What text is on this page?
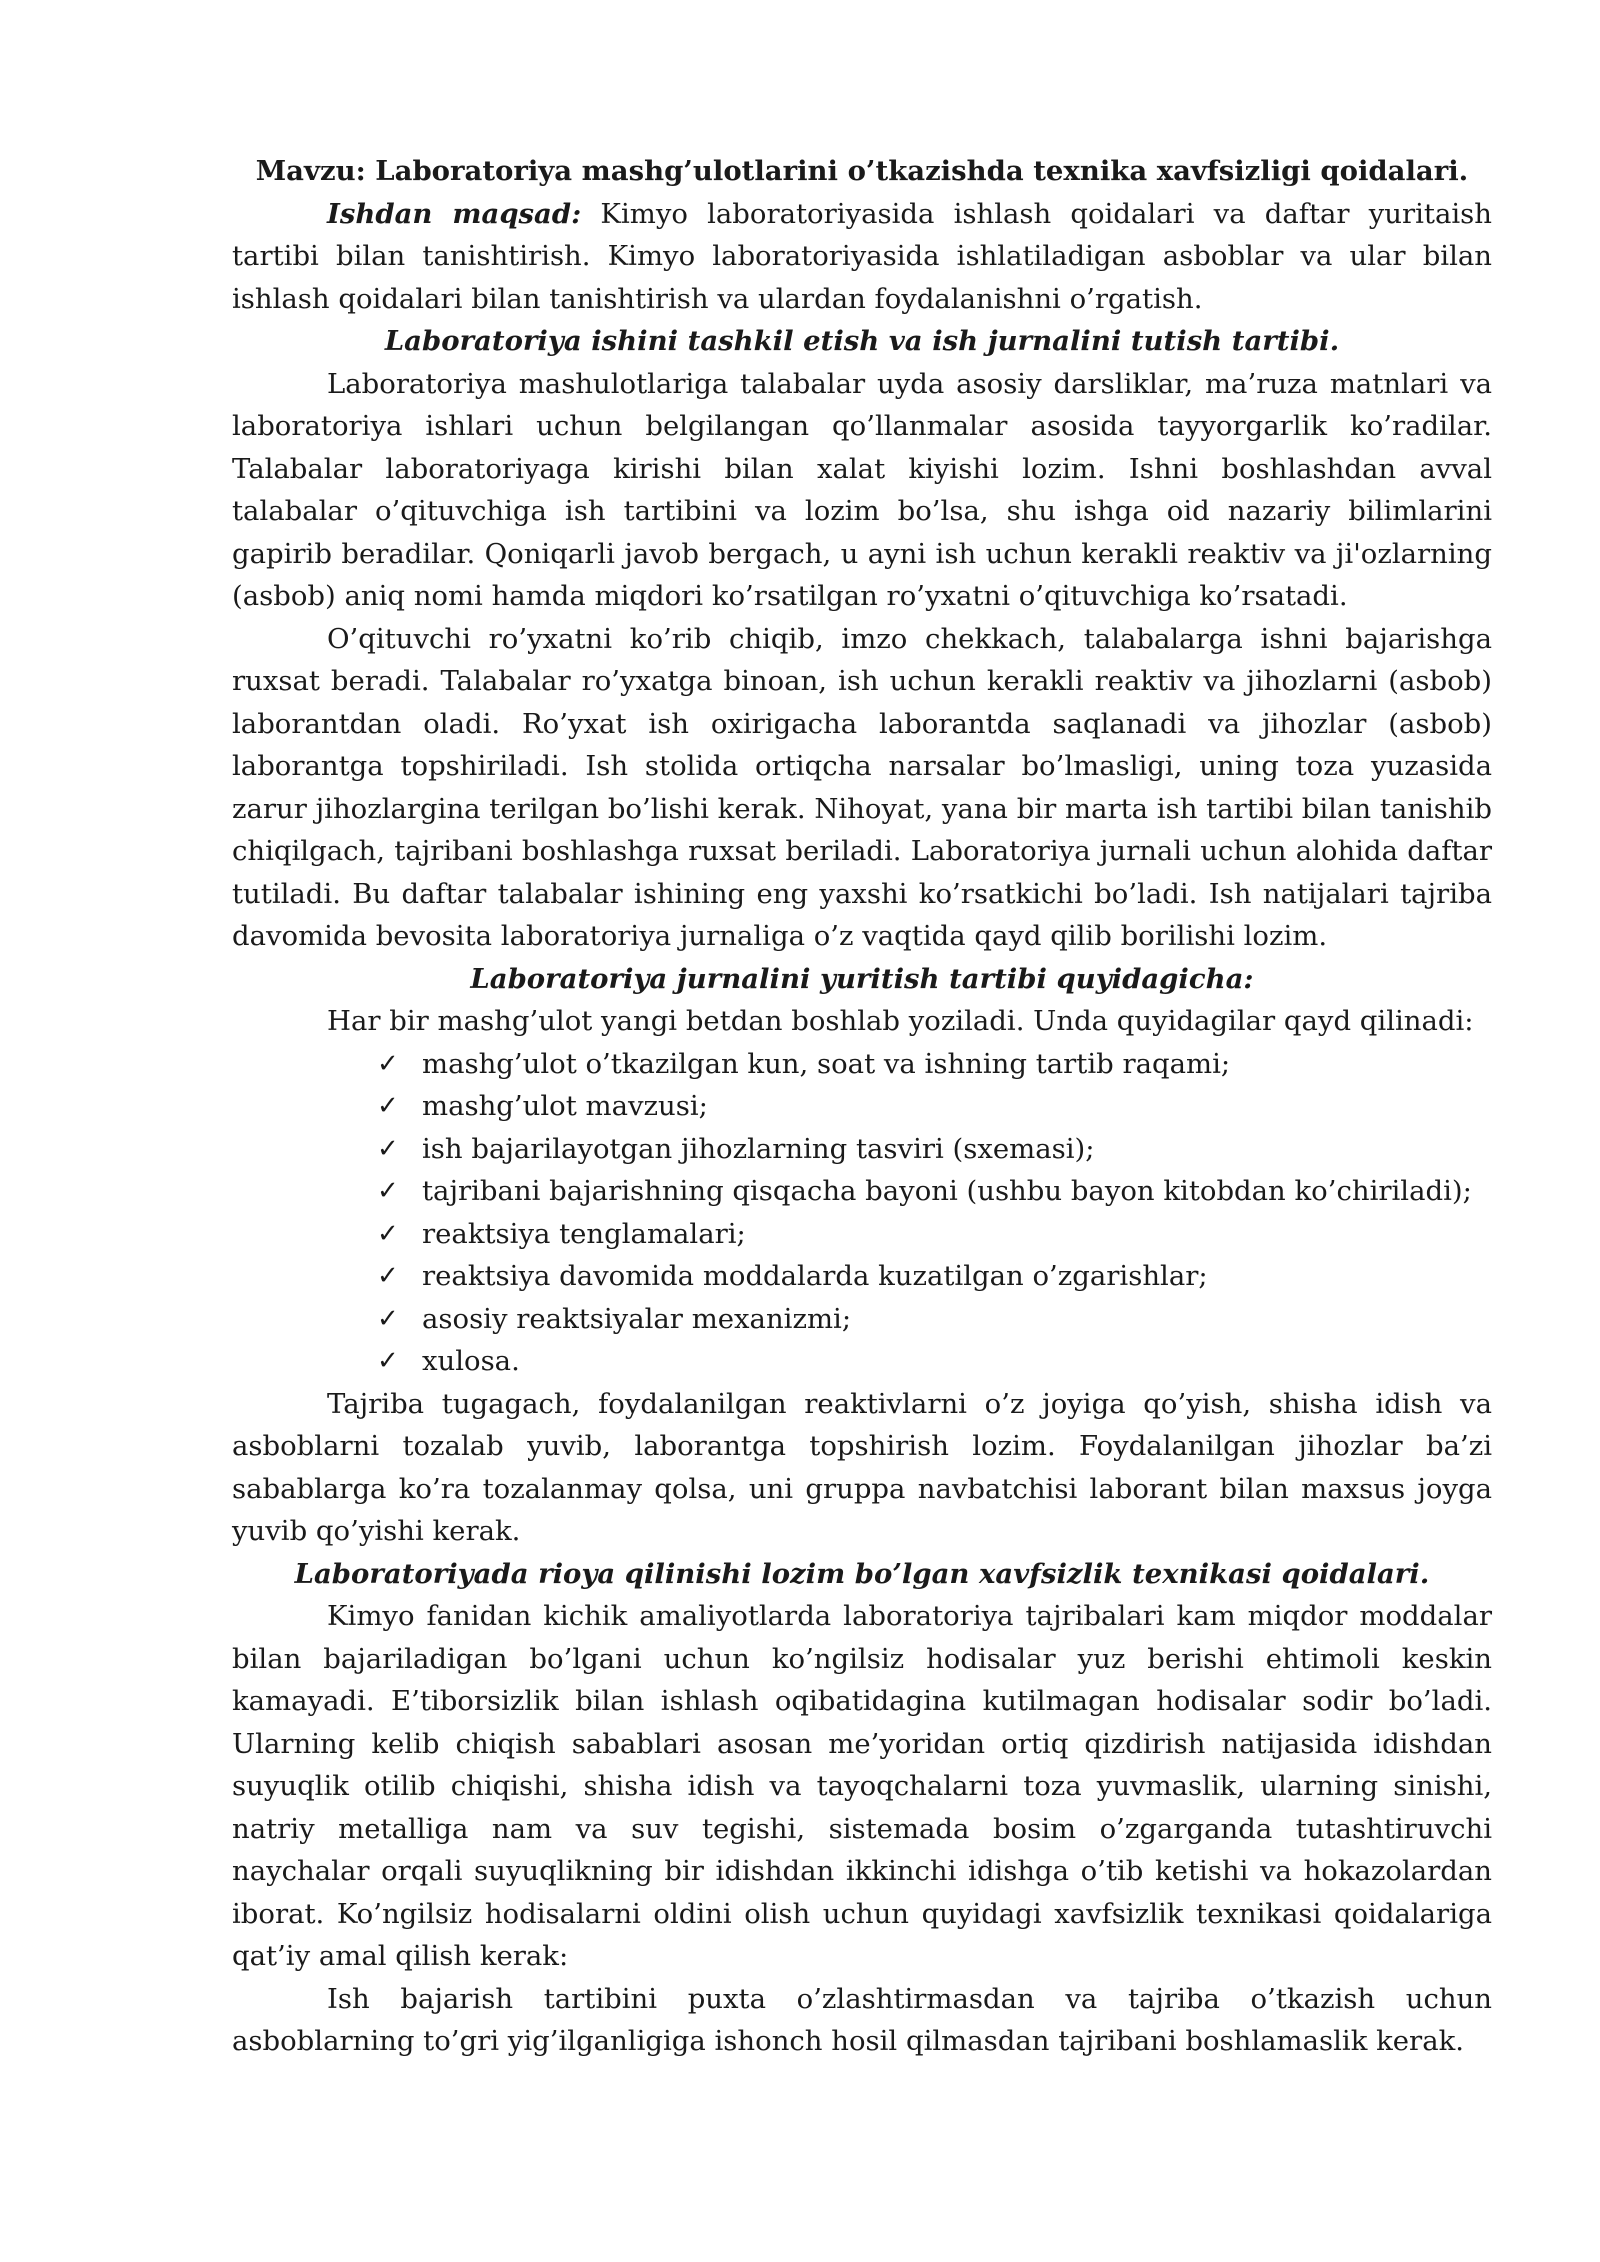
Mavzu: Laboratoriya mashg’ulotlarini o’tkazishda texnika xavfsizligi qoidalari.

Ishdan maqsad: Kimyo laboratoriyasida ishlash qoidalari va daftar yuritaish tartibi bilan tanishtirish. Kimyo laboratoriyasida ishlatiladigan asboblar va ular bilan ishlash qoidalari bilan tanishtirish va ulardan foydalanishni o’rgatish.

Laboratoriya ishini tashkil etish va ish jurnalini tutish tartibi.

Laboratoriya mashulotlariga talabalar uyda asosiy darsliklar, ma’ruza matnlari va laboratoriya ishlari uchun belgilangan qo’llanmalar asosida tayyorgarlik ko’radilar. Talabalar laboratoriyaga kirishi bilan xalat kiyishi lozim. Ishni boshlashdan avval talabalar o’qituvchiga ish tartibini va lozim bo’lsa, shu ishga oid nazariy bilimlarini gapirib beradilar. Qoniqarli javob bergach, u ayni ish uchun kerakli reaktiv va ji'ozlarning (asbob) aniq nomi hamda miqdori ko’rsatilgan ro’yxatni o’qituvchiga ko’rsatadi.

O’qituvchi ro’yxatni ko’rib chiqib, imzo chekkach, talabalarga ishni bajarishga ruxsat beradi. Talabalar ro’yxatga binoan, ish uchun kerakli reaktiv va jihozlarni (asbob) laborantdan oladi. Ro’yxat ish oxirigacha laborantda saqlanadi va jihozlar (asbob) laborantga topshiriladi. Ish stolida ortiqcha narsalar bo’lmasligi, uning toza yuzasida zarur jihozlargina terilgan bo’lishi kerak. Nihoyat, yana bir marta ish tartibi bilan tanishib chiqilgach, tajribani boshlashga ruxsat beriladi. Laboratoriya jurnali uchun alohida daftar tutiladi. Bu daftar talabalar ishining eng yaxshi ko’rsatkichi bo’ladi. Ish natijalari tajriba davomida bevosita laboratoriya jurnaliga o’z vaqtida qayd qilib borilishi lozim.

Laboratoriya jurnalini yuritish tartibi quyidagicha:

Har bir mashg’ulot yangi betdan boshlab yoziladi. Unda quyidagilar qayd qilinadi:

✓ mashg’ulot o’tkazilgan kun, soat va ishning tartib raqami;
✓ mashg’ulot mavzusi;
✓ ish bajarilayotgan jihozlarning tasviri (sxemasi);
✓ tajribani bajarishning qisqacha bayoni (ushbu bayon kitobdan ko’chiriladi);
✓ reaktsiya tenglamalari;
✓ reaktsiya davomida moddalarda kuzatilgan o’zgarishlar;
✓ asosiy reaktsiyalar mexanizmi;
✓ xulosa.

Tajriba tugagach, foydalanilgan reaktivlarni o’z joyiga qo’yish, shisha idish va asboblarni tozalab yuvib, laborantga topshirish lozim. Foydalanilgan jihozlar ba’zi sabablarga ko’ra tozalanmay qolsa, uni gruppa navbatchisi laborant bilan maxsus joyga yuvib qo’yishi kerak.

Laboratoriyada rioya qilinishi lozim bo’lgan xavfsizlik texnikasi qoidalari.

Kimyo fanidan kichik amaliyotlarda laboratoriya tajribalari kam miqdor moddalar bilan bajariladigan bo’lgani uchun ko’ngilsiz hodisalar yuz berishi ehtimoli keskin kamayadi. E’tiborsizlik bilan ishlash oqibatidagina kutilmagan hodisalar sodir bo’ladi. Ularning kelib chiqish sabablari asosan me’yoridan ortiq qizdirish natijasida idishdan suyuqlik otilib chiqishi, shisha idish va tayoqchalarni toza yuvmaslik, ularning sinishi, natriy metalliga nam va suv tegishi, sistemada bosim o’zgarganda tutashtiruvchi naychalar orqali suyuqlikning bir idishdan ikkinchi idishga o’tib ketishi va hokazolardan iborat. Ko’ngilsiz hodisalarni oldini olish uchun quyidagi xavfsizlik texnikasi qoidalariga qat’iy amal qilish kerak:

Ish bajarish tartibini puxta o’zlashtirmasdan va tajriba o’tkazish uchun asboblarning to’gri yig’ilganligiga ishonch hosil qilmasdan tajribani boshlamaslik kerak.
